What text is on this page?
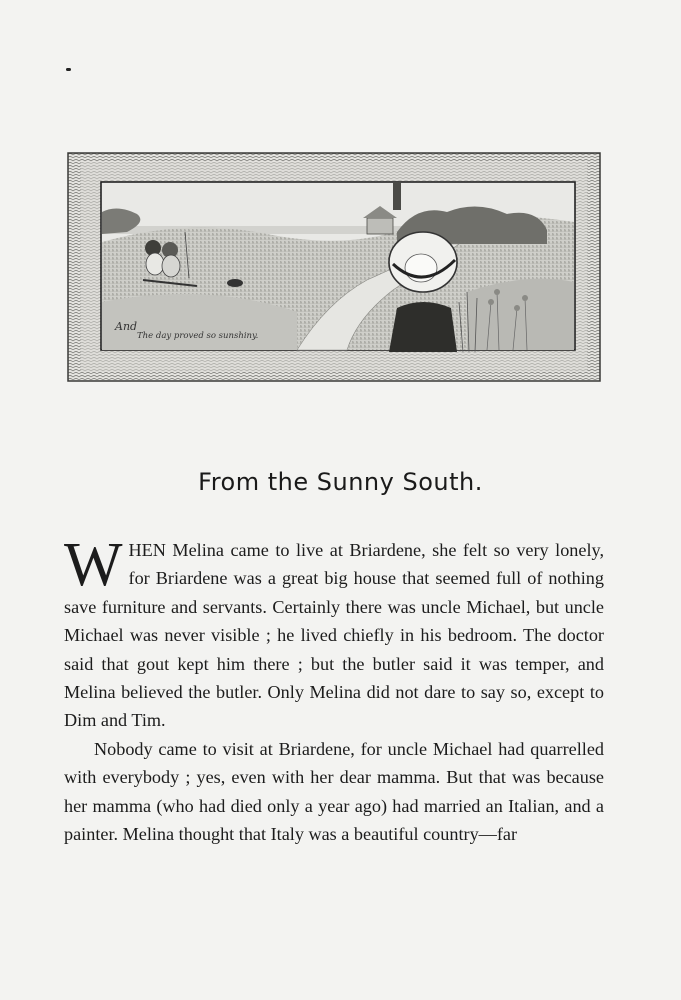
And
The day proved so sunshiny.
From the Sunny South.

WHEN Melina came to live at Briardene, she felt so very lonely, for Briardene was a great big house that seemed full of nothing save furniture and servants. Certainly there was uncle Michael, but uncle Michael was never visible ; he lived chiefly in his bedroom. The doctor said that gout kept him there ; but the butler said it was temper, and Melina believed the butler. Only Melina did not dare to say so, except to Dim and Tim.

Nobody came to visit at Briardene, for uncle Michael had quarrelled with everybody ; yes, even with her dear mamma. But that was because her mamma (who had died only a year ago) had married an Italian, and a painter. Melina thought that Italy was a beautiful country—far
